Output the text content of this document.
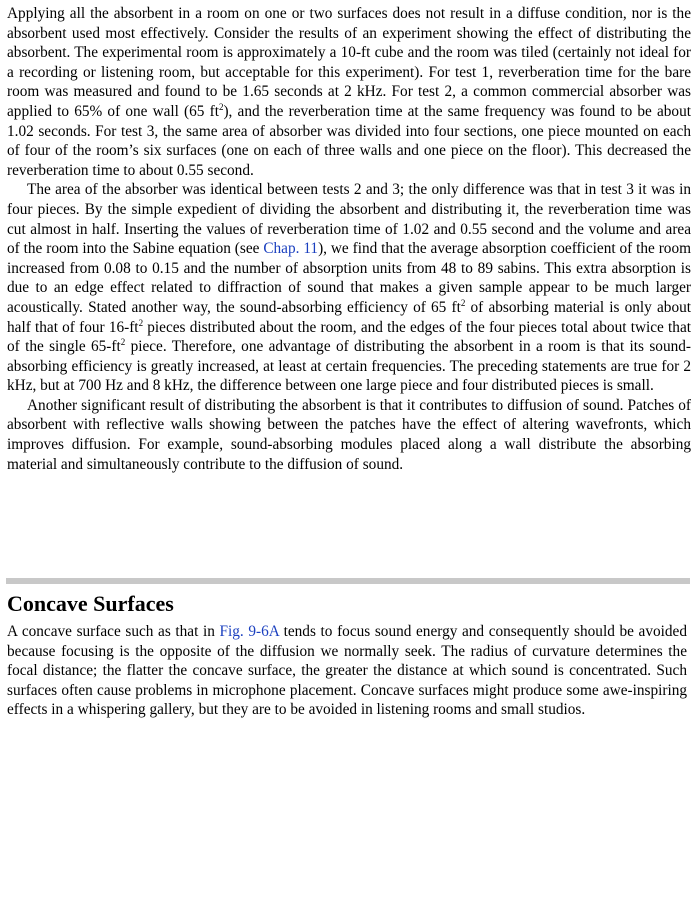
Applying all the absorbent in a room on one or two surfaces does not result in a diffuse condition, nor is the absorbent used most effectively. Consider the results of an experiment showing the effect of distributing the absorbent. The experimental room is approximately a 10-ft cube and the room was tiled (certainly not ideal for a recording or listening room, but acceptable for this experiment). For test 1, reverberation time for the bare room was measured and found to be 1.65 seconds at 2 kHz. For test 2, a common commercial absorber was applied to 65% of one wall (65 $ft^2$), and the reverberation time at the same frequency was found to be about 1.02 seconds. For test 3, the same area of absorber was divided into four sections, one piece mounted on each of four of the room’s six surfaces (one on each of three walls and one piece on the floor). This decreased the reverberation time to about 0.55 second.

The area of the absorber was identical between tests 2 and 3; the only difference was that in test 3 it was in four pieces. By the simple expedient of dividing the absorbent and distributing it, the reverberation time was cut almost in half. Inserting the values of reverberation time of 1.02 and 0.55 second and the volume and area of the room into the Sabine equation (see Chap. 11), we find that the average absorption coefficient of the room increased from 0.08 to 0.15 and the number of absorption units from 48 to 89 sabins. This extra absorption is due to an edge effect related to diffraction of sound that makes a given sample appear to be much larger acoustically. Stated another way, the sound-absorbing efficiency of 65 $ft^2$ of absorbing material is only about half that of four $16-ft^2$ pieces distributed about the room, and the edges of the four pieces total about twice that of the single $65-ft^2$ piece. Therefore, one advantage of distributing the absorbent in a room is that its sound-absorbing efficiency is greatly increased, at least at certain frequencies. The preceding statements are true for 2 kHz, but at 700 Hz and 8 kHz, the difference between one large piece and four distributed pieces is small.

Another significant result of distributing the absorbent is that it contributes to diffusion of sound. Patches of absorbent with reflective walls showing between the patches have the effect of altering wavefronts, which improves diffusion. For example, sound-absorbing modules placed along a wall distribute the absorbing material and simultaneously contribute to the diffusion of sound.

Concave Surfaces

A concave surface such as that in Fig. 9-6A tends to focus sound energy and consequently should be avoided because focusing is the opposite of the diffusion we normally seek. The radius of curvature determines the focal distance; the flatter the concave surface, the greater the distance at which sound is concentrated. Such surfaces often cause problems in microphone placement. Concave surfaces might produce some awe-inspiring effects in a whispering gallery, but they are to be avoided in listening rooms and small studios.
